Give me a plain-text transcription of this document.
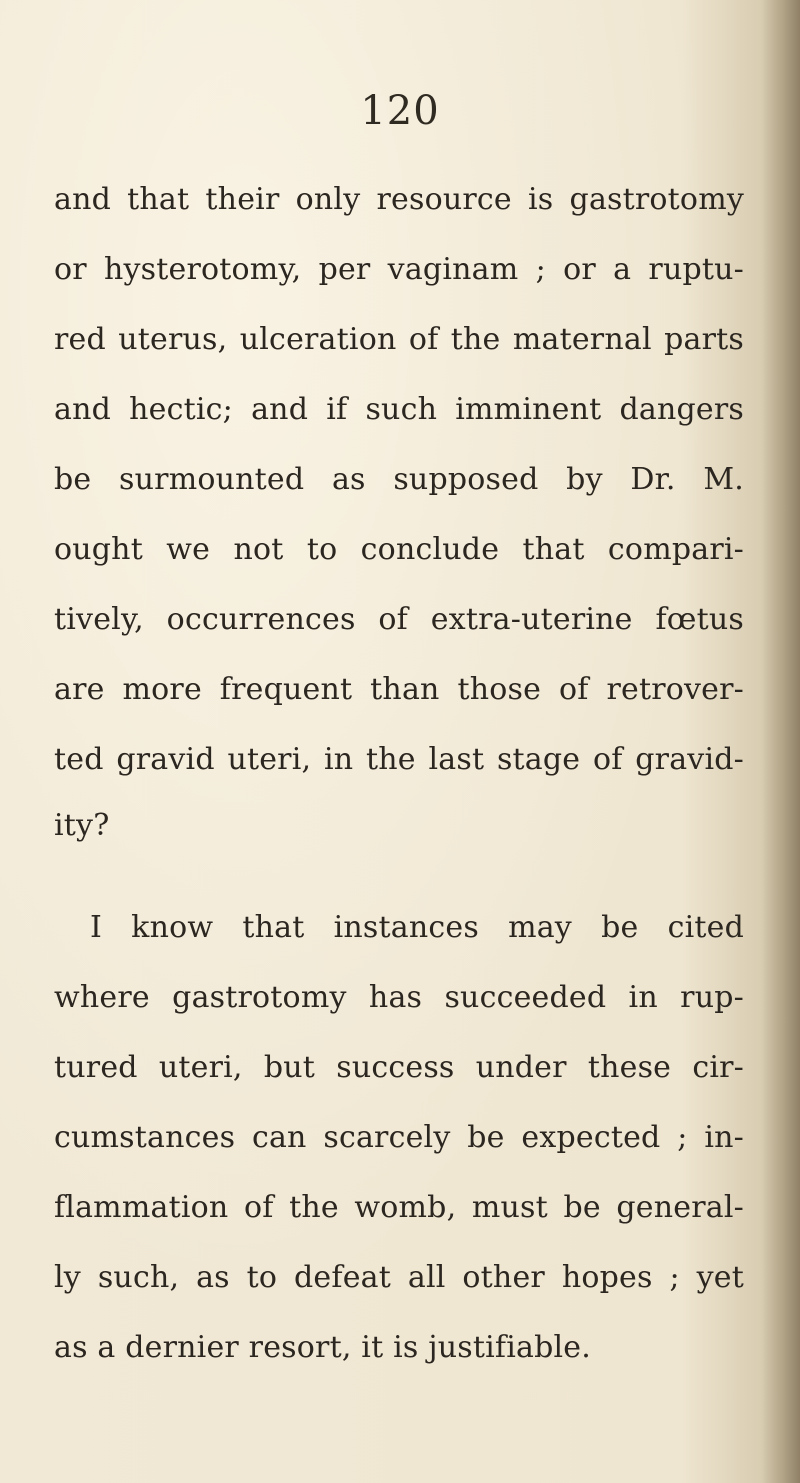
120
and that their only resource is gastrotomy
or hysterotomy, per vaginam ; or a ruptu-
red uterus, ulceration of the maternal parts
and hectic; and if such imminent dangers
be surmounted as supposed by Dr. M.
ought we not to conclude that compari-
tively, occurrences of extra-uterine fœtus
are more frequent than those of retrover-
ted gravid uteri, in the last stage of gravid-
ity?
I know that instances may be cited
where gastrotomy has succeeded in rup-
tured uteri, but success under these cir-
cumstances can scarcely be expected ; in-
flammation of the womb, must be general-
ly such, as to defeat all other hopes ; yet
as a dernier resort, it is justifiable.
